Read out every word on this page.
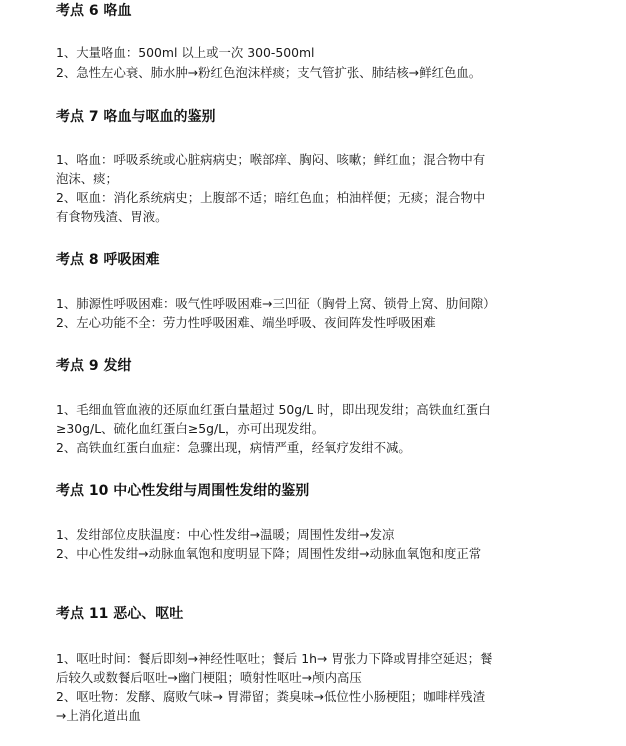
考点 6 咯血
1、大量咯血：500ml 以上或一次 300-500ml
2、急性左心衰、肺水肿→粉红色泡沫样痰；支气管扩张、肺结核→鲜红色血。
考点 7 咯血与呕血的鉴别
1、咯血：呼吸系统或心脏病病史；喉部痒、胸闷、咳嗽；鲜红血；混合物中有
泡沫、痰；
2、呕血：消化系统病史；上腹部不适；暗红色血；柏油样便；无痰；混合物中
有食物残渣、胃液。
考点 8 呼吸困难
1、肺源性呼吸困难：吸气性呼吸困难→三凹征（胸骨上窝、锁骨上窝、肋间隙）
2、左心功能不全：劳力性呼吸困难、端坐呼吸、夜间阵发性呼吸困难
考点 9 发绀
1、毛细血管血液的还原血红蛋白量超过 50g/L 时，即出现发绀；高铁血红蛋白
≥30g/L、硫化血红蛋白≥5g/L，亦可出现发绀。
2、高铁血红蛋白血症：急骤出现，病情严重，经氧疗发绀不减。
考点 10 中心性发绀与周围性发绀的鉴别
1、发绀部位皮肤温度：中心性发绀→温暖；周围性发绀→发凉
2、中心性发绀→动脉血氧饱和度明显下降；周围性发绀→动脉血氧饱和度正常
考点 11 恶心、呕吐
1、呕吐时间：餐后即刻→神经性呕吐；餐后 1h→ 胃张力下降或胃排空延迟；餐
后较久或数餐后呕吐→幽门梗阻；喷射性呕吐→颅内高压
2、呕吐物：发酵、腐败气味→ 胃滞留；粪臭味→低位性小肠梗阻；咖啡样残渣
→上消化道出血
